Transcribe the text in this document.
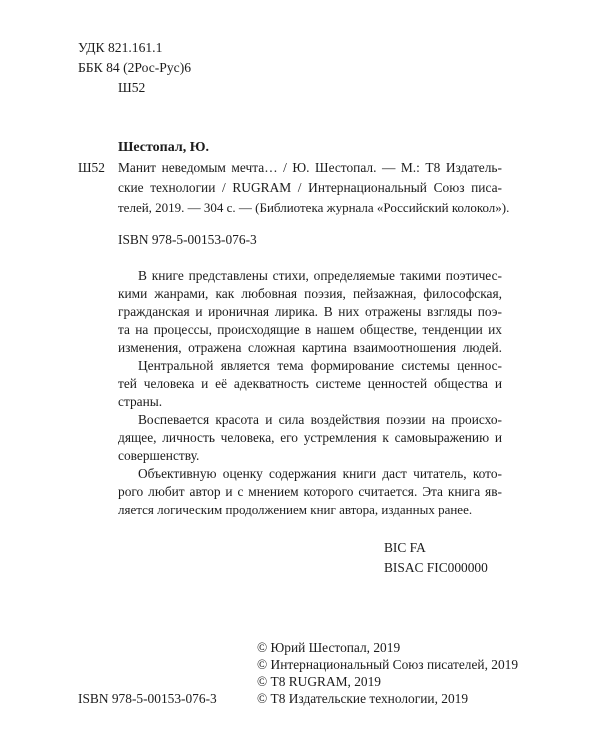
УДК 821.161.1
ББК 84 (2Рос-Рус)6
Ш52
Шестопал, Ю.
Ш52 Манит неведомым мечта… / Ю. Шестопал. — М.: Т8 Издатель-
ские технологии / RUGRAM / Интернациональный Союз писа-
телей, 2019. — 304 с. — (Библиотека журнала «Российский колокол»).
ISBN 978-5-00153-076-3
В книге представлены стихи, определяемые такими поэтичес-
кими жанрами, как любовная поэзия, пейзажная, философская,
гражданская и ироничная лирика. В них отражены взгляды поэ-
та на процессы, происходящие в нашем обществе, тенденции их
изменения, отражена сложная картина взаимоотношения людей.
Центральной является тема формирование системы ценнос-
тей человека и её адекватность системе ценностей общества и
страны.
Воспевается красота и сила воздействия поэзии на происхо-
дящее, личность человека, его устремления к самовыражению и
совершенству.
Объективную оценку содержания книги даст читатель, кото-
рого любит автор и с мнением которого считается. Эта книга яв-
ляется логическим продолжением книг автора, изданных ранее.
BIC FA
BISAC FIC000000
© Юрий Шестопал, 2019
© Интернациональный Союз писателей, 2019
© Т8 RUGRAM, 2019
ISBN 978-5-00153-076-3	© Т8 Издательские технологии, 2019
